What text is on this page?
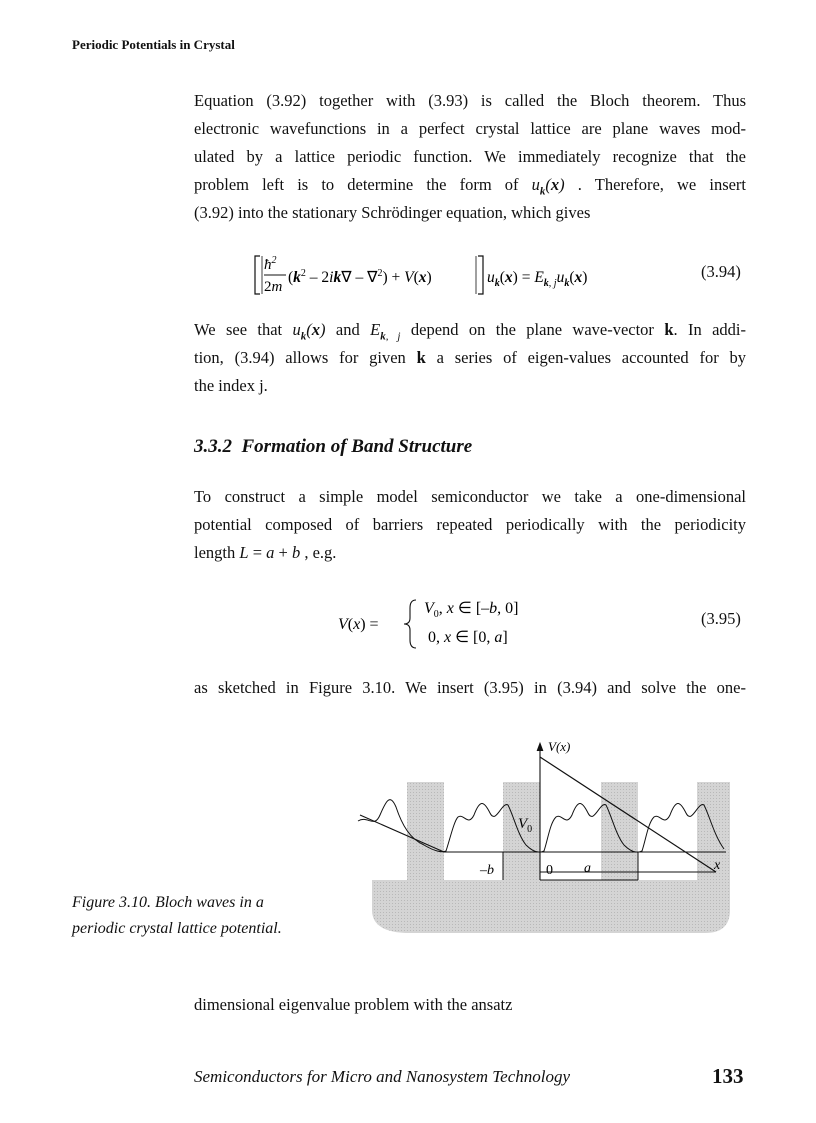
Periodic Potentials in Crystal
Equation (3.92) together with (3.93) is called the Bloch theorem. Thus
electronic wavefunctions in a perfect crystal lattice are plane waves mod-
ulated by a lattice periodic function. We immediately recognize that the
problem left is to determine the form of $u_k(x)$ . Therefore, we insert
(3.92) into the stationary Schrödinger equation, which gives
$ħ^2$
2m
$(k^2 - 2ik\nabla - \nabla^2) + V(x)$	$u_k(x) = E_{k, j}u_k(x)$	(3.94)
We see that $u_k(x)$ and $E_{k, j}$ depend on the plane wave-vector k. In addi-
tion, (3.94) allows for given k a series of eigen-values accounted for by
the index j.
3.3.2 Formation of Band Structure
To construct a simple model semiconductor we take a one-dimensional
potential composed of barriers repeated periodically with the periodicity
length L = a + b , e.g.
V(x) =
$V_0$, x ∈ [–b, 0]
0, x ∈ [0, a]
(3.95)
as sketched in Figure 3.10. We insert (3.95) in (3.94) and solve the one-
V(x)
$V_0$
–b	0 a	x
Figure 3.10. Bloch waves in a
periodic crystal lattice potential.
dimensional eigenvalue problem with the ansatz
Semiconductors for Micro and Nanosystem Technology	133
